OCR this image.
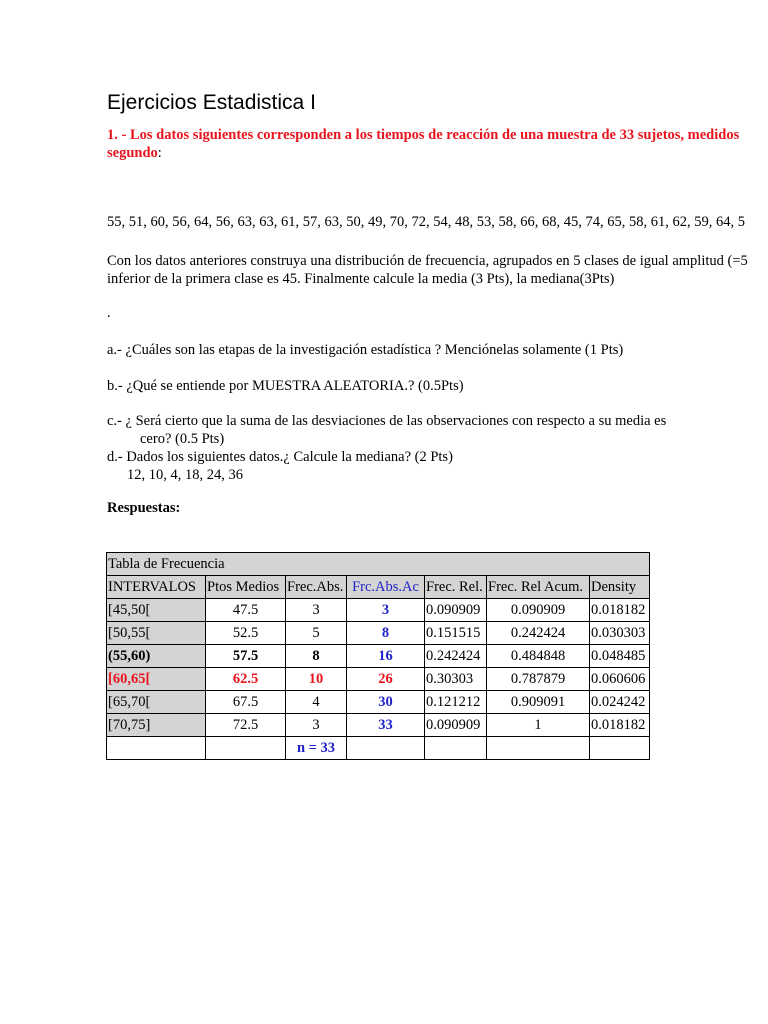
Ejercicios Estadistica I
1. - Los datos siguientes corresponden a los tiempos de reacción de una muestra de 33 sujetos, medidos
segundo:
55, 51, 60, 56, 64, 56, 63, 63, 61, 57, 63, 50, 49, 70, 72, 54, 48, 53, 58, 66, 68, 45, 74, 65, 58, 61, 62, 59, 64, 5
Con los datos anteriores construya una distribución de frecuencia, agrupados en 5 clases de igual amplitud (=5
inferior de la primera clase es 45. Finalmente calcule la media (3 Pts), la mediana(3Pts)
.
a.- ¿Cuáles son las etapas de la investigación estadística ? Menciónelas solamente (1 Pts)
b.- ¿Qué se entiende por MUESTRA ALEATORIA.? (0.5Pts)
c.- ¿ Será cierto que la suma de las desviaciones de las observaciones con respecto a su media es
cero? (0.5 Pts)
d.- Dados los siguientes datos.¿ Calcule la mediana? (2 Pts)
12, 10, 4, 18, 24, 36
Respuestas:
Tabla de Frecuencia						
INTERVALOS	Ptos Medios	Frec.Abs.	Frc.Abs.Ac	Frec. Rel.	Frec. Rel Acum.	Density
[45,50[	47.5	3	3	0.090909	0.090909	0.018182
[50,55[	52.5	5	8	0.151515	0.242424	0.030303
(55,60)	57.5	8	16	0.242424	0.484848	0.048485
[60,65[	62.5	10	26	0.30303	0.787879	0.060606
[65,70[	67.5	4	30	0.121212	0.909091	0.024242
[70,75]	72.5	3	33	0.090909	1	0.018182
		n = 33				
